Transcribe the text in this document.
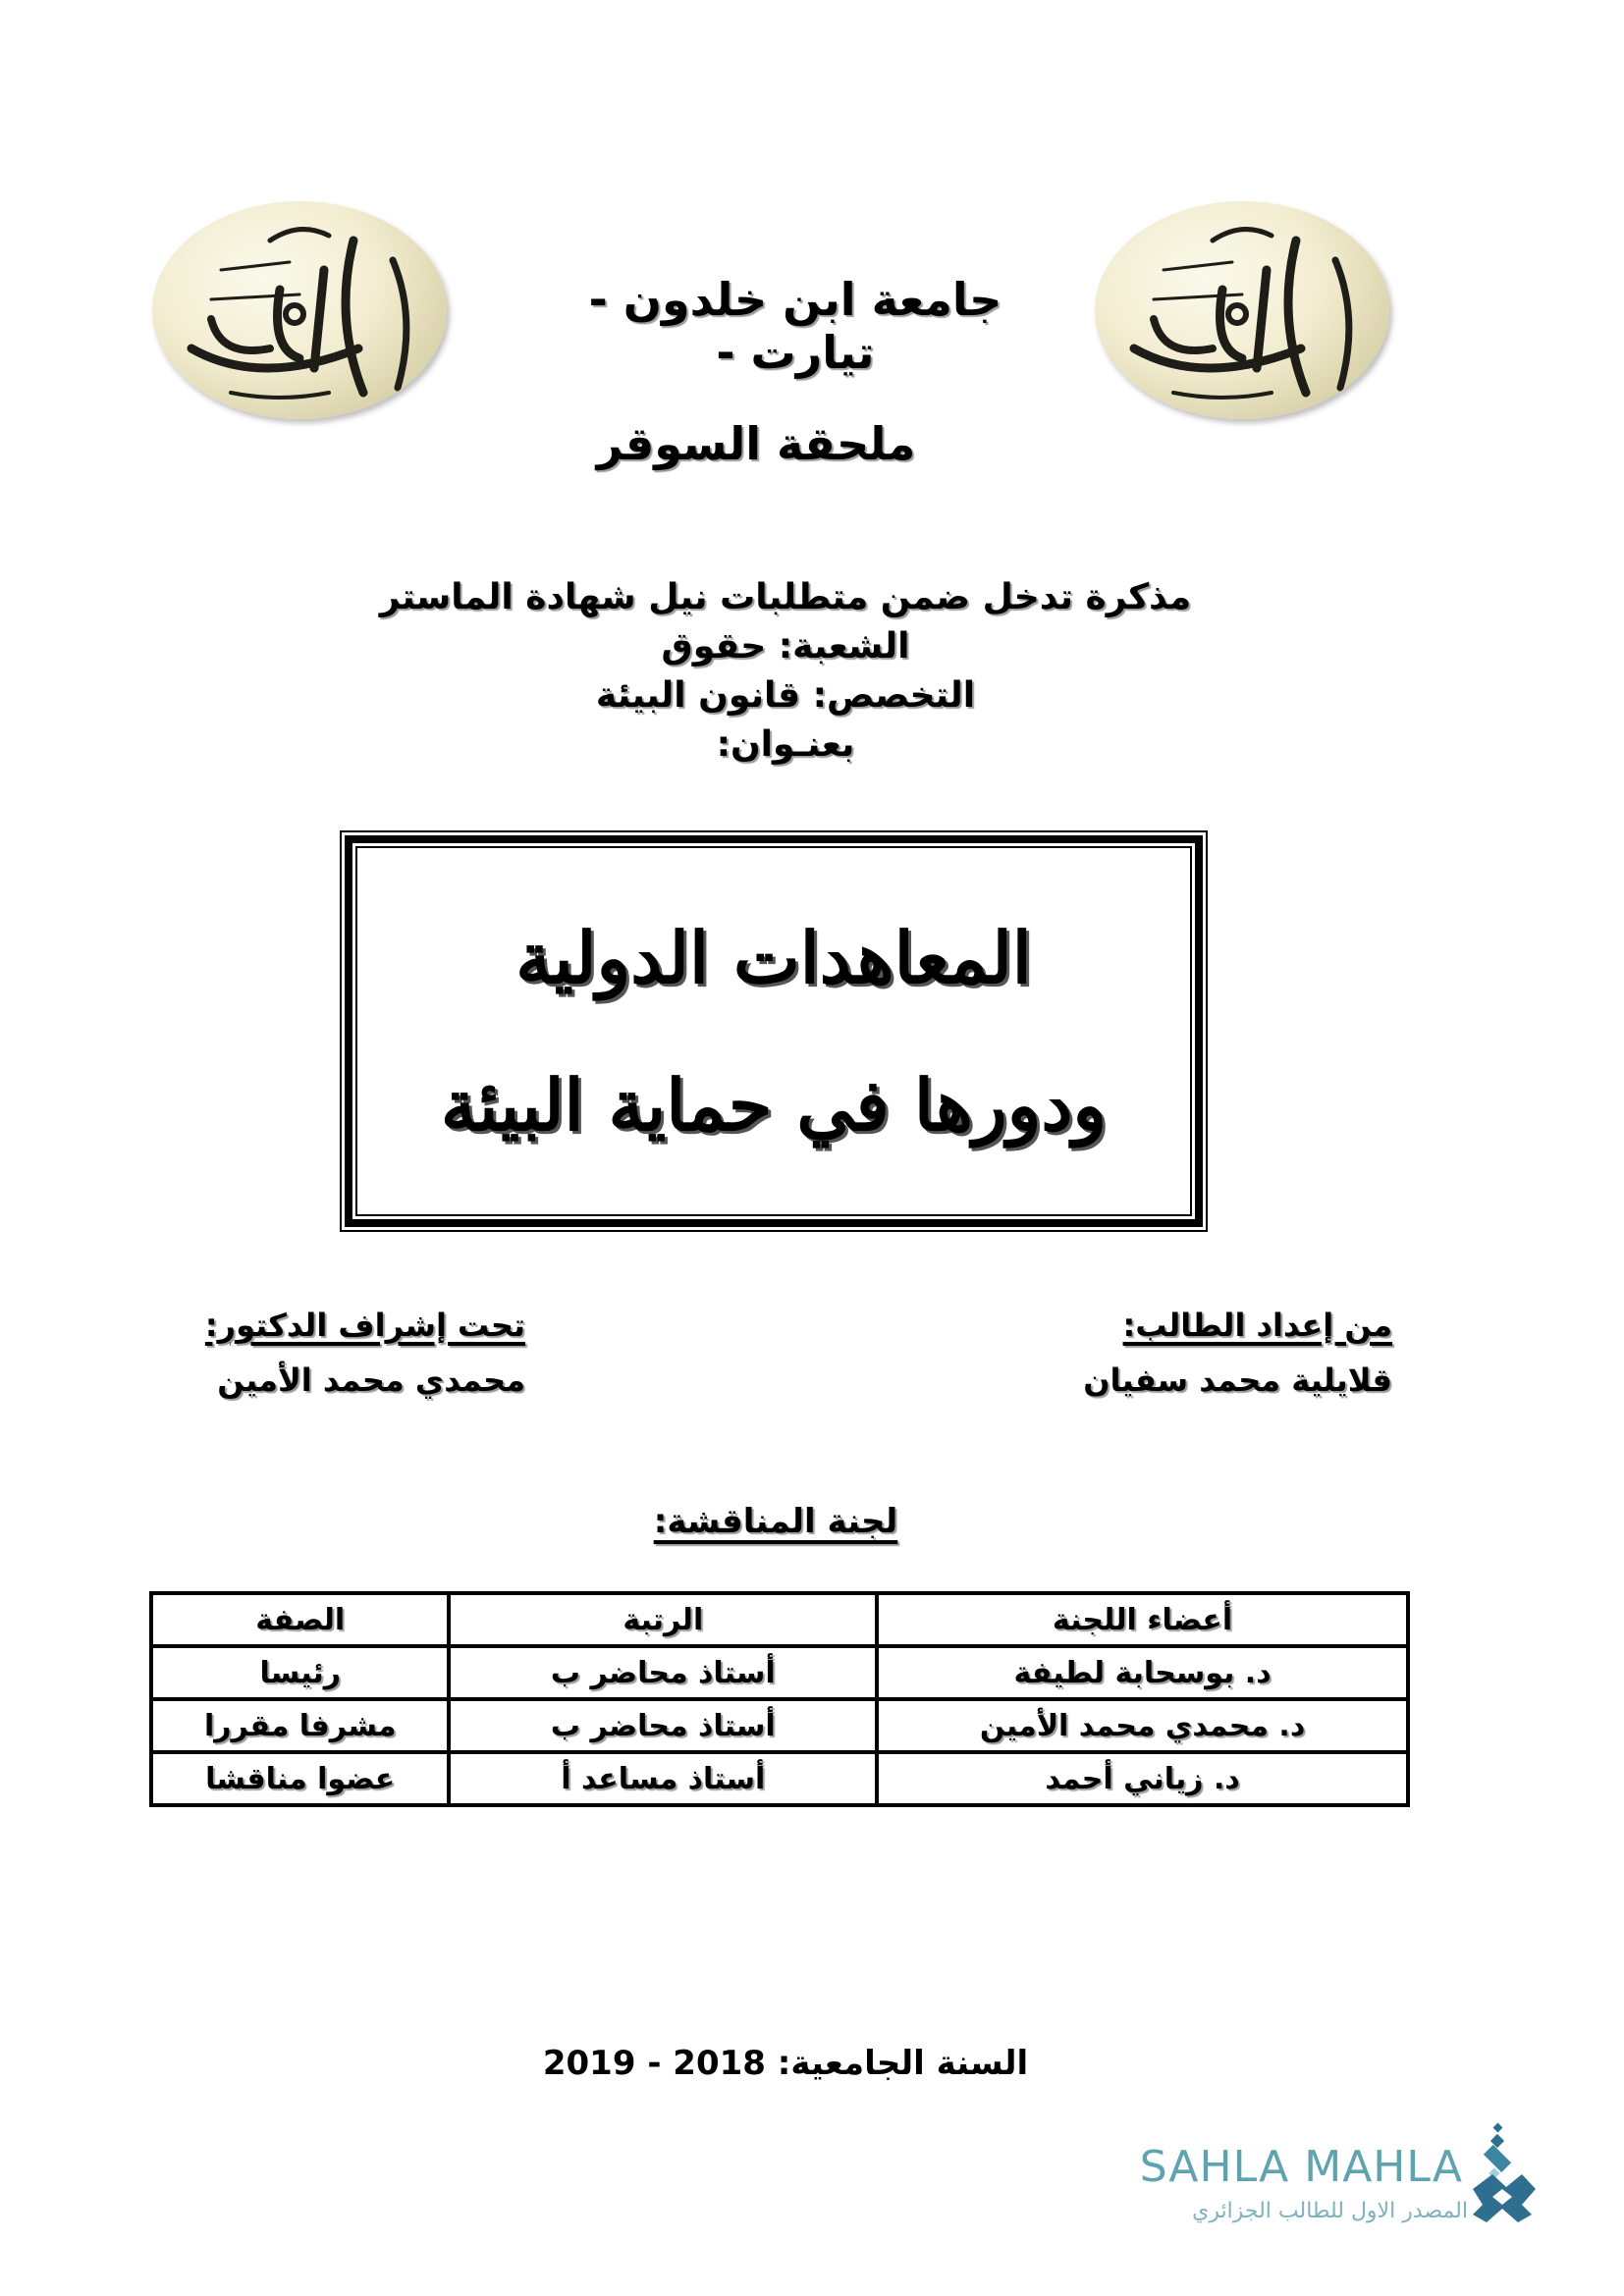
جامعة ابن خلدون - تيارت -
ملحقة السوقر
مذكرة تدخل ضمن متطلبات نيل شهادة الماستر
الشعبة: حقوق
التخصص: قانون البيئة
بعنـوان:
المعاهدات الدولية
ودورها في حماية البيئة
من إعداد الطالب:
قلايلية محمد سفيان
تحت إشراف الدكتور:
محمدي محمد الأمين
لجنة المناقشة:
أعضاء اللجنة	الرتبة	الصفة
د. بوسحابة لطيفة	أستاذ محاضر ب	رئيسا
د. محمدي محمد الأمين	أستاذ محاضر ب	مشرفا مقررا
د. زياني أحمد	أستاذ مساعد أ	عضوا مناقشا
السنة الجامعية: 2018 - 2019
SAHLA MAHLA
المصدر الاول للطالب الجزائري
